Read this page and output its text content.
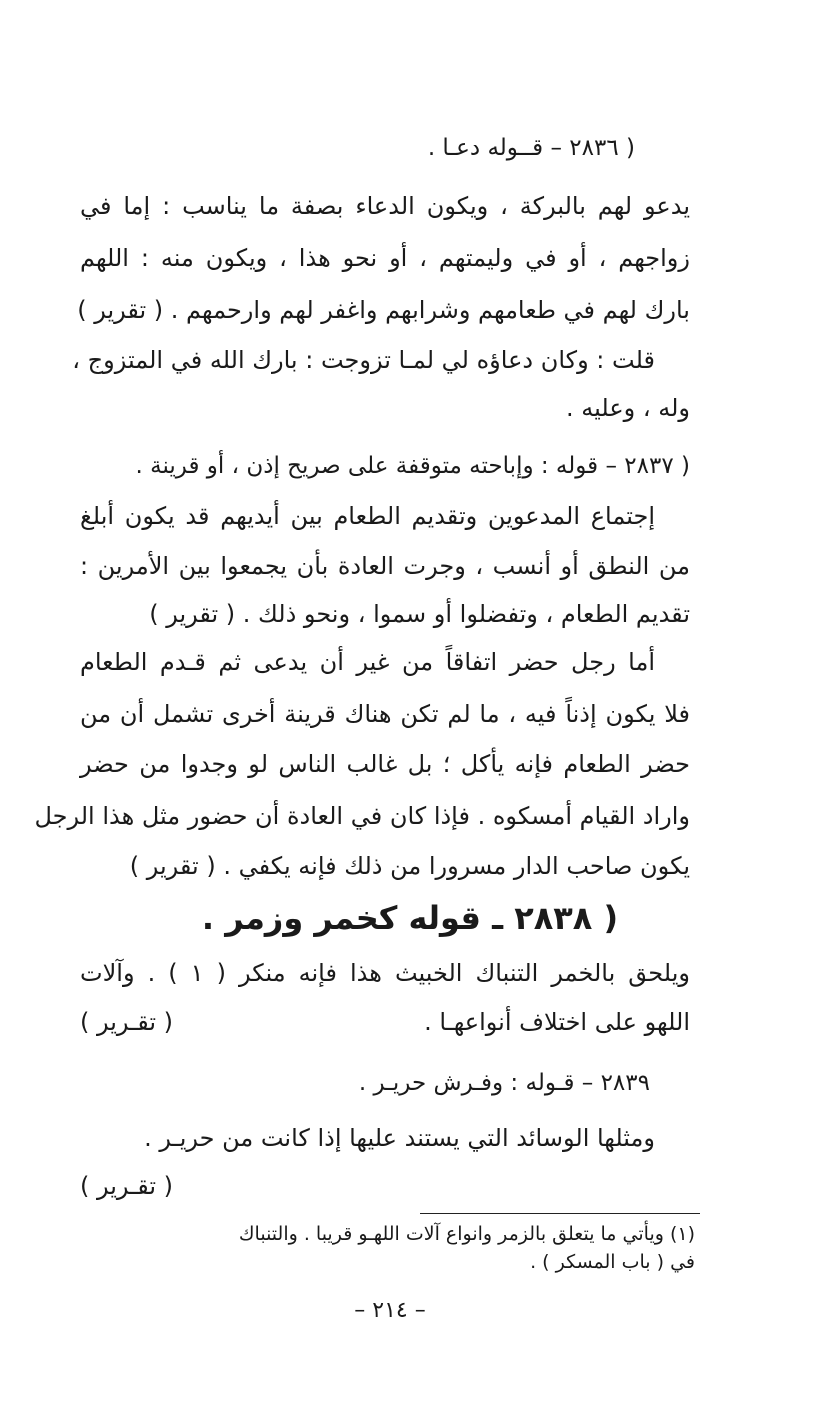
( ٢٨٣٦ – قــوله دعـا .
يدعو لهم بالبركة ، ويكون الدعاء بصفة ما يناسب : إما في
زواجهم ، أو في وليمتهم ، أو نحو هذا ، ويكون منه : اللهم
بارك لهم في طعامهم وشرابهم واغفر لهم وارحمهم . ( تقرير )
قلت : وكان دعاؤه لي لمـا تزوجت : بارك الله في المتزوج ،
وله ، وعليه .
( ٢٨٣٧ – قوله : وإباحته متوقفة على صريح إذن ، أو قرينة .
إجتماع المدعوين وتقديم الطعام بين أيديهم قد يكون أبلغ
من النطق أو أنسب ، وجرت العادة بأن يجمعوا بين الأمرين :
تقديم الطعام ، وتفضلوا أو سموا ، ونحو ذلك . ( تقرير )
أما رجل حضر اتفاقاً من غير أن يدعى ثم قـدم الطعام
فلا يكون إذناً فيه ، ما لم تكن هناك قرينة أخرى تشمل أن من
حضر الطعام فإنه يأكل ؛ بل غالب الناس لو وجدوا من حضر
واراد القيام أمسكوه . فإذا كان في العادة أن حضور مثل هذا الرجل
يكون صاحب الدار مسرورا من ذلك فإنه يكفي . ( تقرير )
( ٢٨٣٨ ـ قوله كخمر وزمر .
ويلحق بالخمر التنباك الخبيث هذا فإنه منكر ( ١ ) . وآلات
اللهو على اختلاف أنواعهـا .
( تقـرير )
٢٨٣٩ – قـوله : وفـرش حريـر .
ومثلها الوسائد التي يستند عليها إذا كانت من حريـر .
( تقـرير )
(١) ويأتي ما يتعلق بالزمر وانواع آلات اللهـو قريبا . والتنباك
في ( باب المسكر ) .
– ٢١٤ –
